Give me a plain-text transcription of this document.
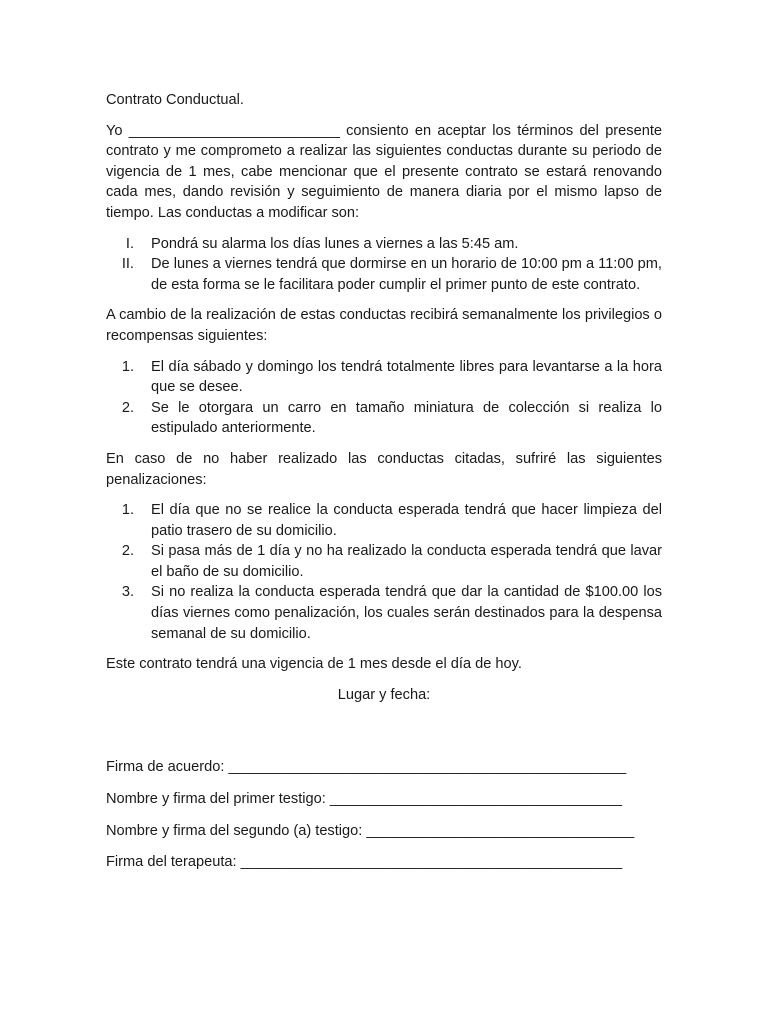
Contrato Conductual.

Yo __________________________ consiento en aceptar los términos del presente contrato y me comprometo a realizar las siguientes conductas durante su periodo de vigencia de 1 mes, cabe mencionar que el presente contrato se estará renovando cada mes, dando revisión y seguimiento de manera diaria por el mismo lapso de tiempo. Las conductas a modificar son:

I. Pondrá su alarma los días lunes a viernes a las 5:45 am.
II. De lunes a viernes tendrá que dormirse en un horario de 10:00 pm a 11:00 pm, de esta forma se le facilitara poder cumplir el primer punto de este contrato.

A cambio de la realización de estas conductas recibirá semanalmente los privilegios o recompensas siguientes:

1. El día sábado y domingo los tendrá totalmente libres para levantarse a la hora que se desee.
2. Se le otorgara un carro en tamaño miniatura de colección si realiza lo estipulado anteriormente.

En caso de no haber realizado las conductas citadas, sufriré las siguientes penalizaciones:

1. El día que no se realice la conducta esperada tendrá que hacer limpieza del patio trasero de su domicilio.
2. Si pasa más de 1 día y no ha realizado la conducta esperada tendrá que lavar el baño de su domicilio.
3. Si no realiza la conducta esperada tendrá que dar la cantidad de $100.00 los días viernes como penalización, los cuales serán destinados para la despensa semanal de su domicilio.

Este contrato tendrá una vigencia de 1 mes desde el día de hoy.

Lugar y fecha:

Firma de acuerdo: _________________________________________________

Nombre y firma del primer testigo: ____________________________________

Nombre y firma del segundo (a) testigo: _________________________________

Firma del terapeuta: _______________________________________________
